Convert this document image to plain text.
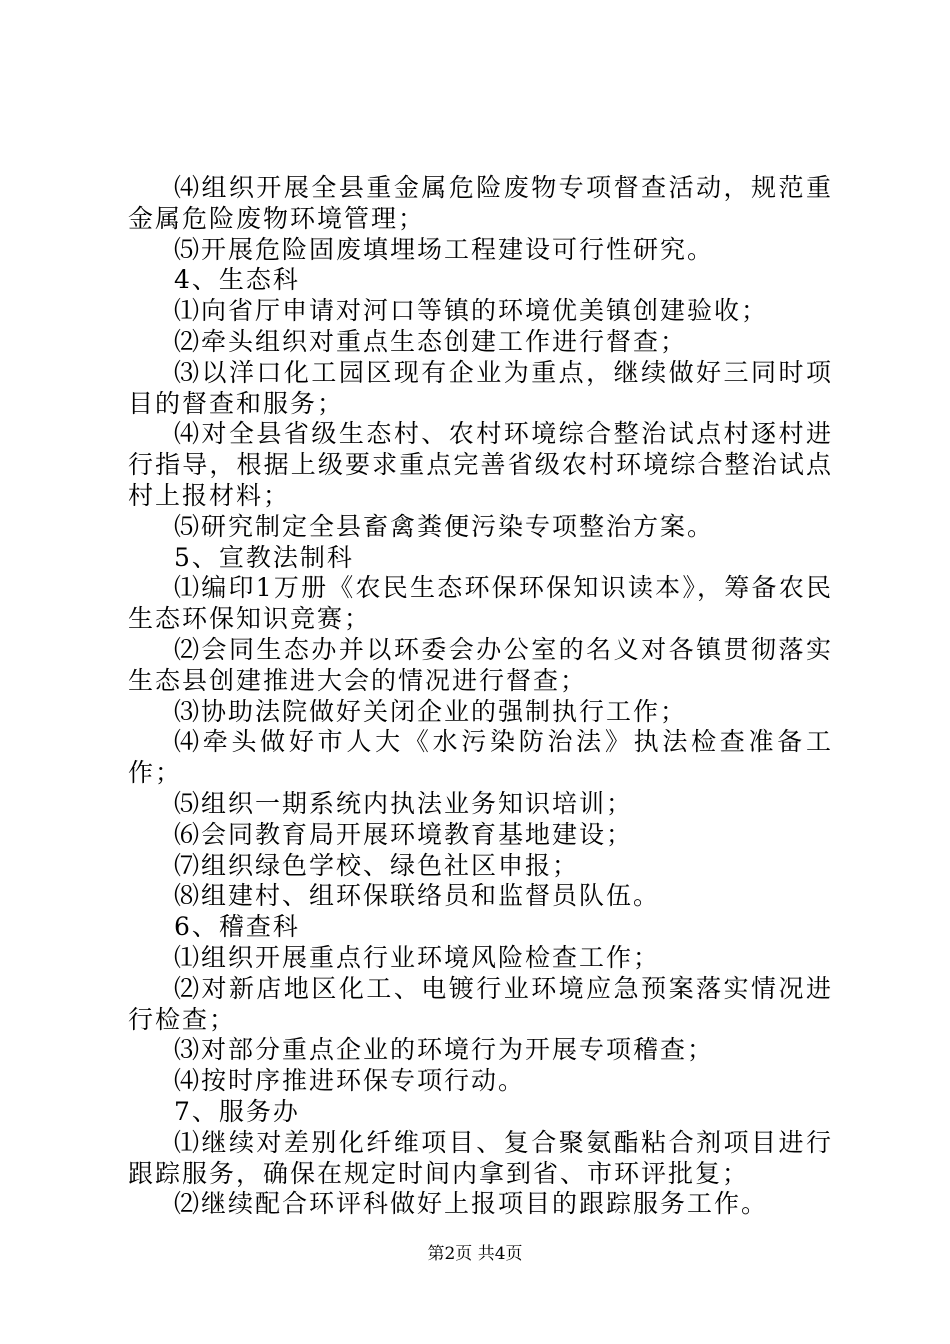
⑷组织开展全县重金属危险废物专项督查活动，规范重金属危险废物环境管理；

⑸开展危险固废填埋场工程建设可行性研究。

4、生态科

⑴向省厅申请对河口等镇的环境优美镇创建验收；

⑵牵头组织对重点生态创建工作进行督查；

⑶以洋口化工园区现有企业为重点，继续做好三同时项目的督查和服务；

⑷对全县省级生态村、农村环境综合整治试点村逐村进行指导，根据上级要求重点完善省级农村环境综合整治试点村上报材料；

⑸研究制定全县畜禽粪便污染专项整治方案。

5、宣教法制科

⑴编印1万册《农民生态环保环保知识读本》，筹备农民生态环保知识竞赛；

⑵会同生态办并以环委会办公室的名义对各镇贯彻落实生态县创建推进大会的情况进行督查；

⑶协助法院做好关闭企业的强制执行工作；

⑷牵头做好市人大《水污染防治法》执法检查准备工作；

⑸组织一期系统内执法业务知识培训；

⑹会同教育局开展环境教育基地建设；

⑺组织绿色学校、绿色社区申报；

⑻组建村、组环保联络员和监督员队伍。

6、稽查科

⑴组织开展重点行业环境风险检查工作；

⑵对新店地区化工、电镀行业环境应急预案落实情况进行检查；

⑶对部分重点企业的环境行为开展专项稽查；

⑷按时序推进环保专项行动。

7、服务办

⑴继续对差别化纤维项目、复合聚氨酯粘合剂项目进行跟踪服务，确保在规定时间内拿到省、市环评批复；

⑵继续配合环评科做好上报项目的跟踪服务工作。

第2页 共4页
